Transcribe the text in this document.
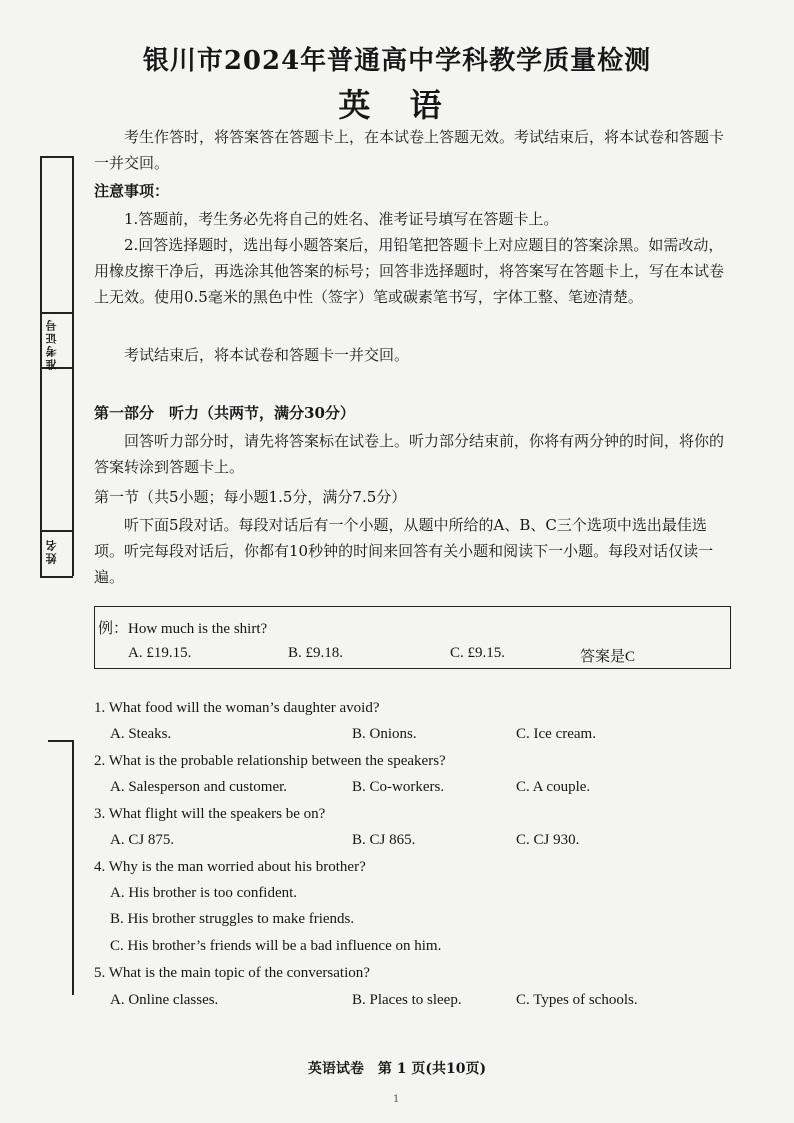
银川市2024年普通高中学科教学质量检测
英 语
准考证号
姓名
考生作答时，将答案答在答题卡上，在本试卷上答题无效。考试结束后，将本试卷和答题卡一并交回。
注意事项：
1.答题前，考生务必先将自己的姓名、准考证号填写在答题卡上。
2.回答选择题时，选出每小题答案后，用铅笔把答题卡上对应题目的答案涂黑。如需改动，用橡皮擦干净后，再选涂其他答案的标号；回答非选择题时，将答案写在答题卡上，写在本试卷上无效。使用0.5毫米的黑色中性（签字）笔或碳素笔书写，字体工整、笔迹清楚。
考试结束后，将本试卷和答题卡一并交回。
第一部分　听力（共两节，满分30分）
回答听力部分时，请先将答案标在试卷上。听力部分结束前，你将有两分钟的时间，将你的答案转涂到答题卡上。
第一节（共5小题；每小题1.5分，满分7.5分）
听下面5段对话。每段对话后有一个小题，从题中所给的A、B、C三个选项中选出最佳选项。听完每段对话后，你都有10秒钟的时间来回答有关小题和阅读下一小题。每段对话仅读一遍。
例：How much is the shirt?
A. £19.15.	B. £9.18.	C. £9.15.	答案是C
1. What food will the woman’s daughter avoid?
A. Steaks.	B. Onions.	C. Ice cream.
2. What is the probable relationship between the speakers?
A. Salesperson and customer.	B. Co-workers.	C. A couple.
3. What flight will the speakers be on?
A. CJ 875.	B. CJ 865.	C. CJ 930.
4. Why is the man worried about his brother?
A. His brother is too confident.
B. His brother struggles to make friends.
C. His brother’s friends will be a bad influence on him.
5. What is the main topic of the conversation?
A. Online classes.	B. Places to sleep.	C. Types of schools.
英语试卷　第 1 页(共10页)
1
